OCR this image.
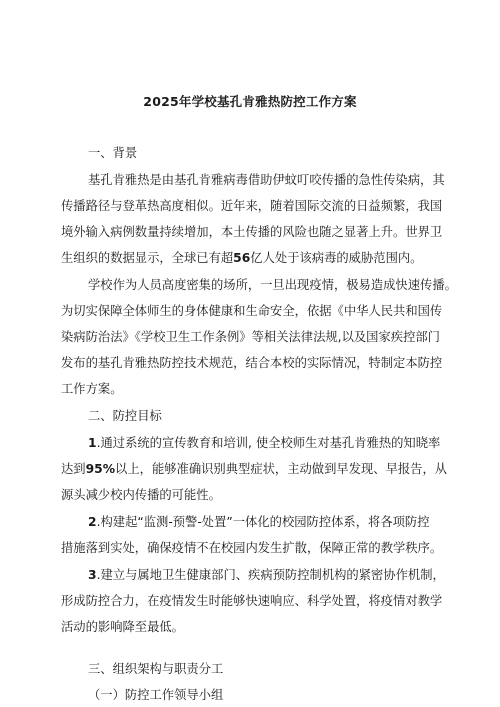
2025年学校基孔肯雅热防控工作方案
一、背景
基孔肯雅热是由基孔肯雅病毒借助伊蚊叮咬传播的急性传染病，其
传播路径与登革热高度相似。近年来，随着国际交流的日益频繁，我国
境外输入病例数量持续增加，本土传播的风险也随之显著上升。世界卫
生组织的数据显示，全球已有超56亿人处于该病毒的威胁范围内。
学校作为人员高度密集的场所，一旦出现疫情，极易造成快速传播。
为切实保障全体师生的身体健康和生命安全，依据《中华人民共和国传
染病防治法》《学校卫生工作条例》等相关法律法规,以及国家疾控部门
发布的基孔肯雅热防控技术规范，结合本校的实际情况，特制定本防控
工作方案。
二、防控目标
1.通过系统的宣传教育和培训, 使全校师生对基孔肯雅热的知晓率
达到95%以上，能够准确识别典型症状，主动做到早发现、早报告，从
源头减少校内传播的可能性。
2.构建起“监测-预警-处置”一体化的校园防控体系，将各项防控
措施落到实处，确保疫情不在校园内发生扩散，保障正常的教学秩序。
3.建立与属地卫生健康部门、疾病预防控制机构的紧密协作机制，
形成防控合力，在疫情发生时能够快速响应、科学处置，将疫情对教学
活动的影响降至最低。
三、组织架构与职责分工
（一）防控工作领导小组
